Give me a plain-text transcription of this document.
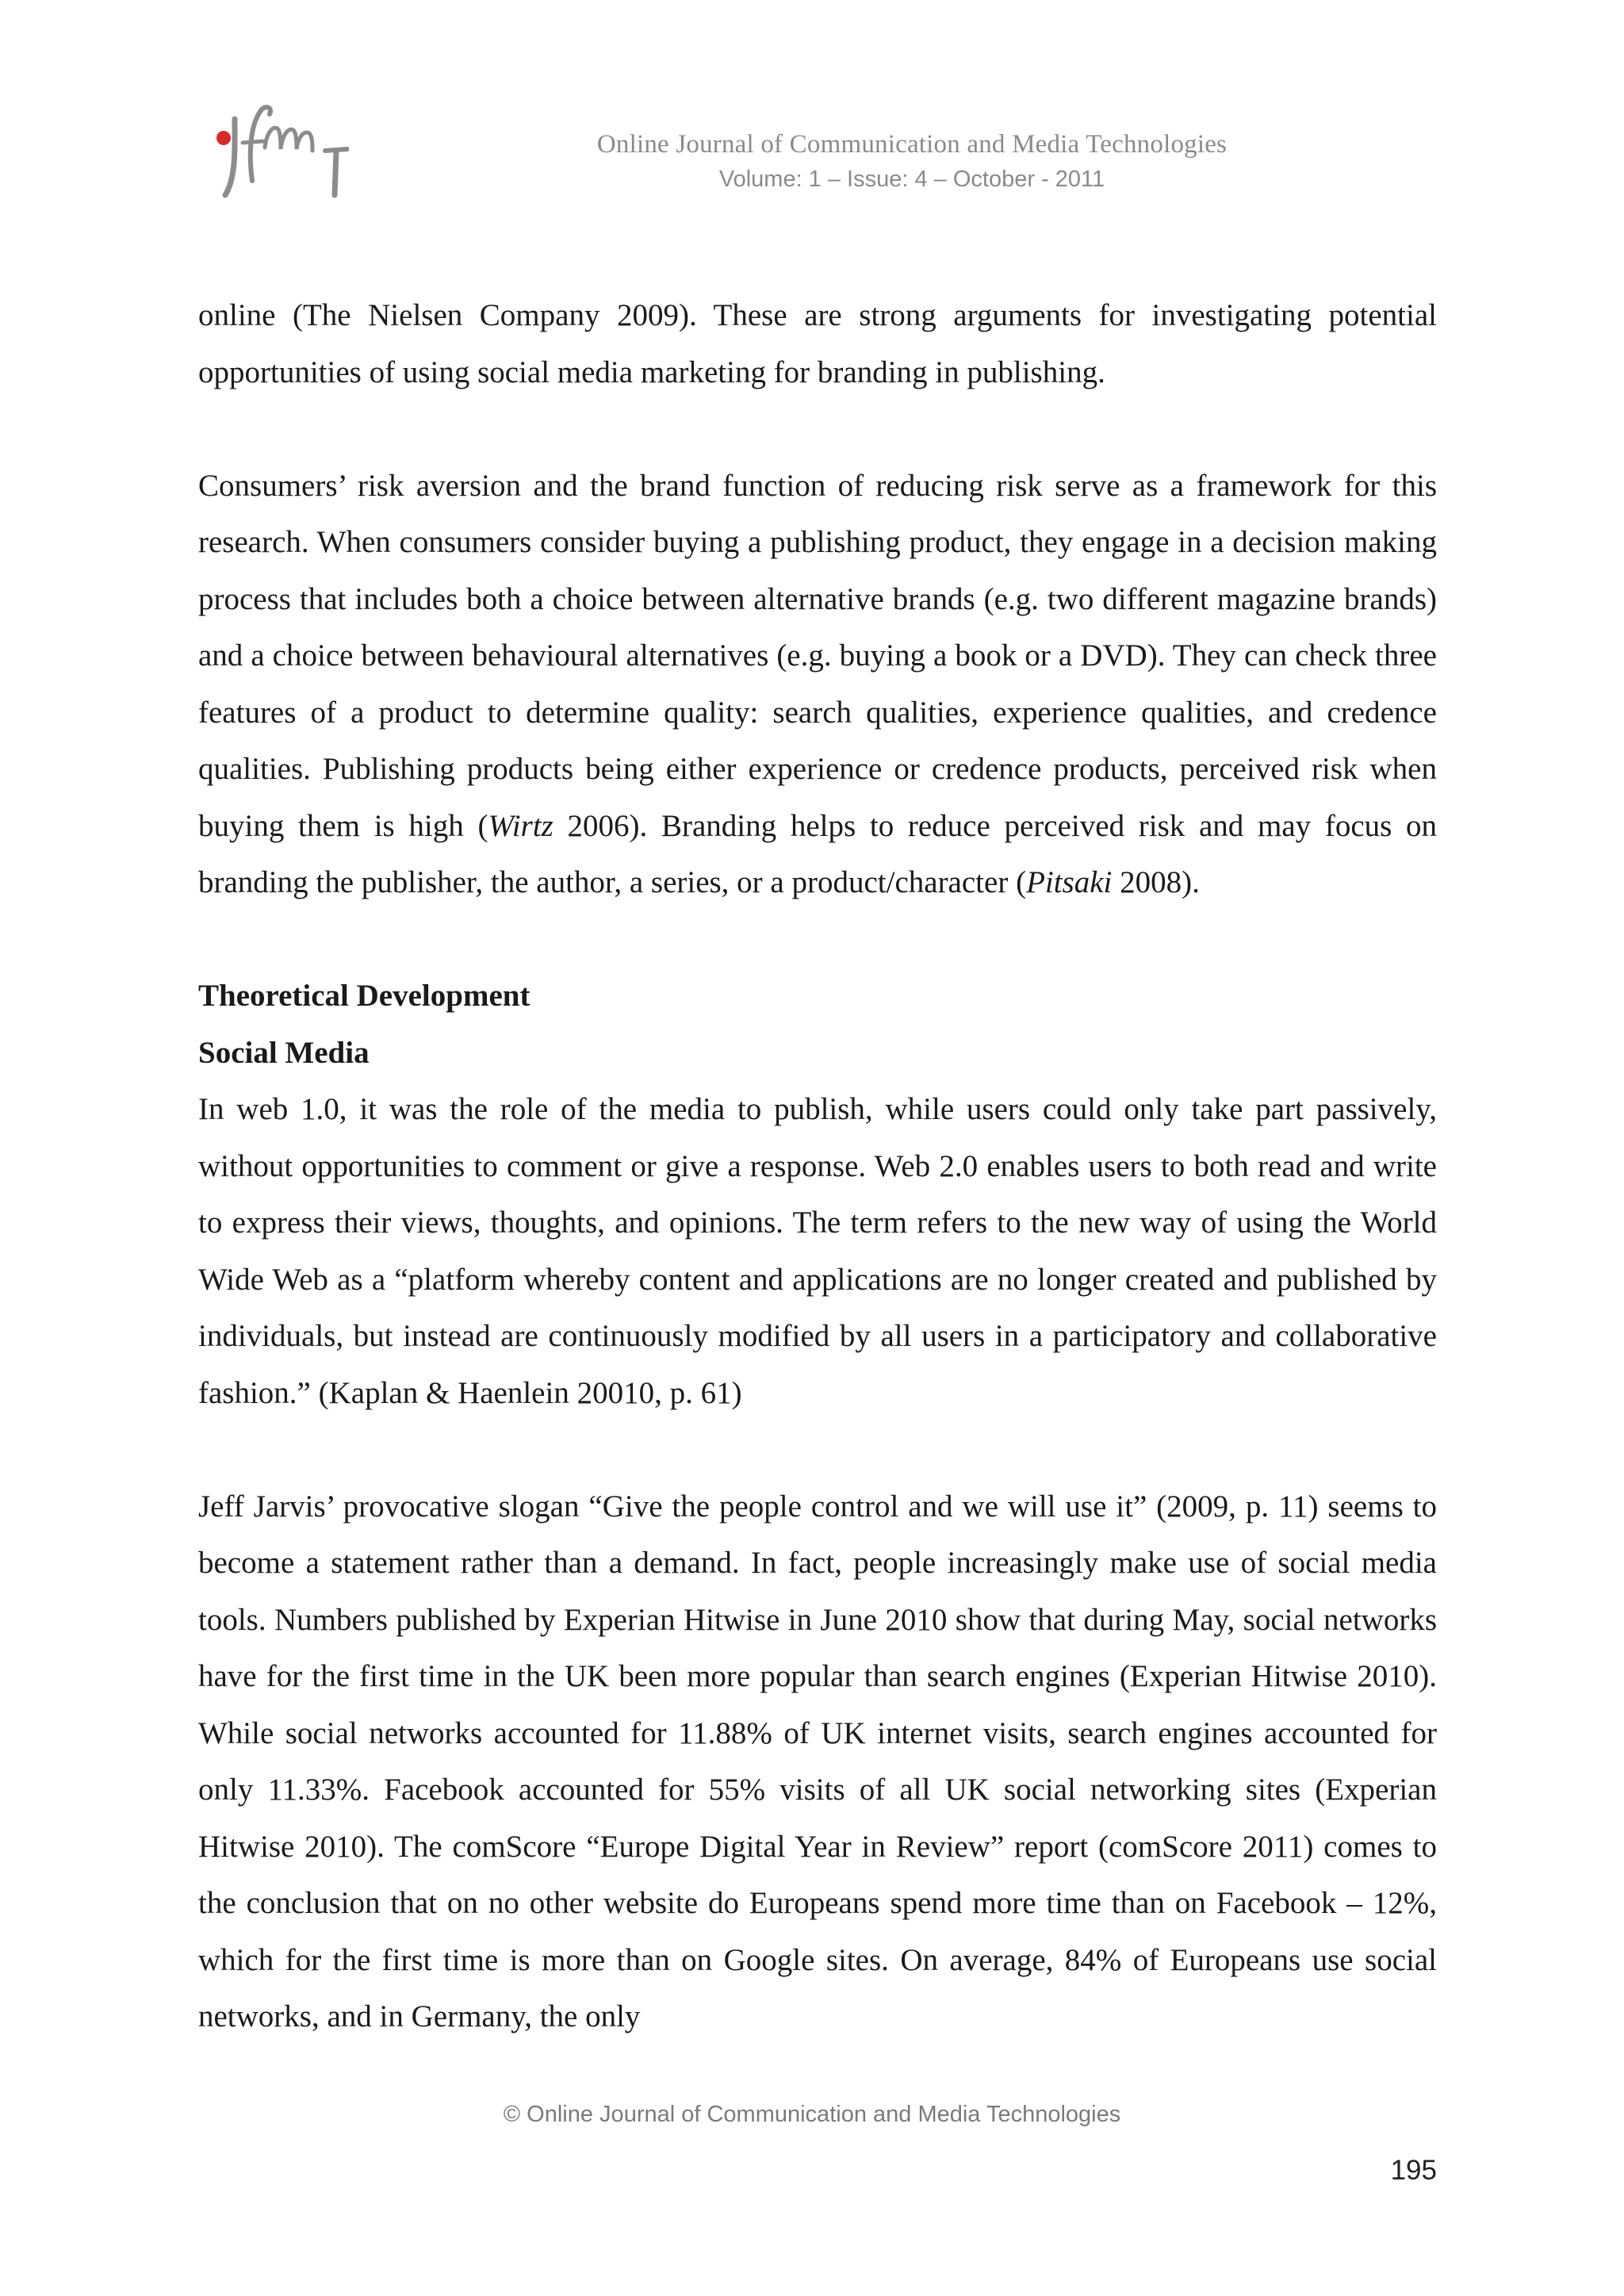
Online Journal of Communication and Media Technologies
Volume: 1 – Issue: 4 – October - 2011

online (The Nielsen Company 2009). These are strong arguments for investigating potential opportunities of using social media marketing for branding in publishing.

Consumers’ risk aversion and the brand function of reducing risk serve as a framework for this research. When consumers consider buying a publishing product, they engage in a decision making process that includes both a choice between alternative brands (e.g. two different magazine brands) and a choice between behavioural alternatives (e.g. buying a book or a DVD). They can check three features of a product to determine quality: search qualities, experience qualities, and credence qualities. Publishing products being either experience or credence products, perceived risk when buying them is high (Wirtz 2006). Branding helps to reduce perceived risk and may focus on branding the publisher, the author, a series, or a product/character (Pitsaki 2008).

Theoretical Development

Social Media

In web 1.0, it was the role of the media to publish, while users could only take part passively, without opportunities to comment or give a response. Web 2.0 enables users to both read and write to express their views, thoughts, and opinions. The term refers to the new way of using the World Wide Web as a “platform whereby content and applications are no longer created and published by individuals, but instead are continuously modified by all users in a participatory and collaborative fashion.” (Kaplan & Haenlein 20010, p. 61)

Jeff Jarvis’ provocative slogan “Give the people control and we will use it” (2009, p. 11) seems to become a statement rather than a demand. In fact, people increasingly make use of social media tools. Numbers published by Experian Hitwise in June 2010 show that during May, social networks have for the first time in the UK been more popular than search engines (Experian Hitwise 2010). While social networks accounted for 11.88% of UK internet visits, search engines accounted for only 11.33%. Facebook accounted for 55% visits of all UK social networking sites (Experian Hitwise 2010). The comScore “Europe Digital Year in Review” report (comScore 2011) comes to the conclusion that on no other website do Europeans spend more time than on Facebook – 12%, which for the first time is more than on Google sites. On average, 84% of Europeans use social networks, and in Germany, the only

© Online Journal of Communication and Media Technologies
195
